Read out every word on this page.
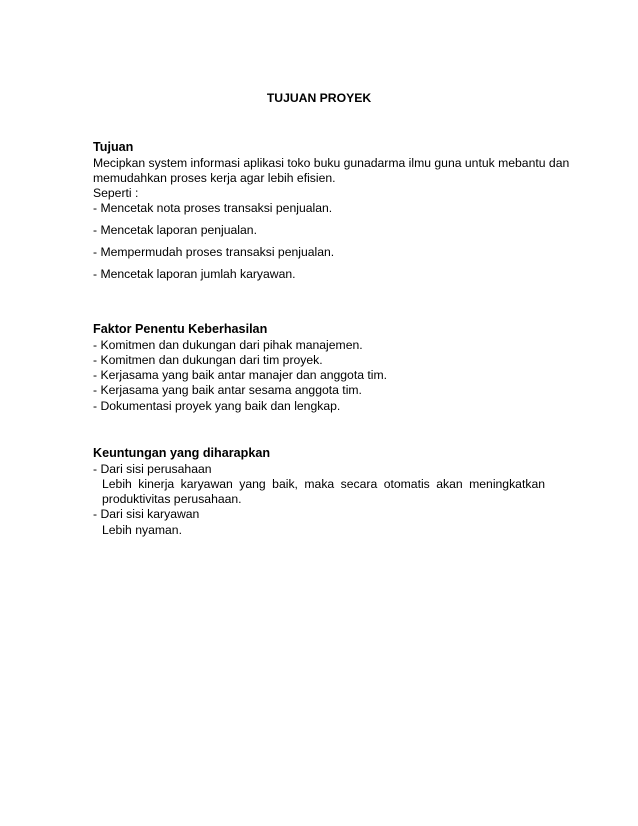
TUJUAN PROYEK
Tujuan
Mecipkan system informasi aplikasi toko buku gunadarma ilmu guna untuk mebantu dan
memudahkan proses kerja agar lebih efisien.
Seperti :
- Mencetak nota proses transaksi penjualan.
- Mencetak laporan penjualan.
- Mempermudah proses transaksi penjualan.
- Mencetak laporan jumlah karyawan.
Faktor Penentu Keberhasilan
- Komitmen dan dukungan dari pihak manajemen.
- Komitmen dan dukungan dari tim proyek.
- Kerjasama yang baik antar manajer dan anggota tim.
- Kerjasama yang baik antar sesama anggota tim.
- Dokumentasi proyek yang baik dan lengkap.
Keuntungan yang diharapkan
- Dari sisi perusahaan
Lebih kinerja karyawan yang baik, maka secara otomatis akan meningkatkan
produktivitas perusahaan.
- Dari sisi karyawan
Lebih nyaman.
